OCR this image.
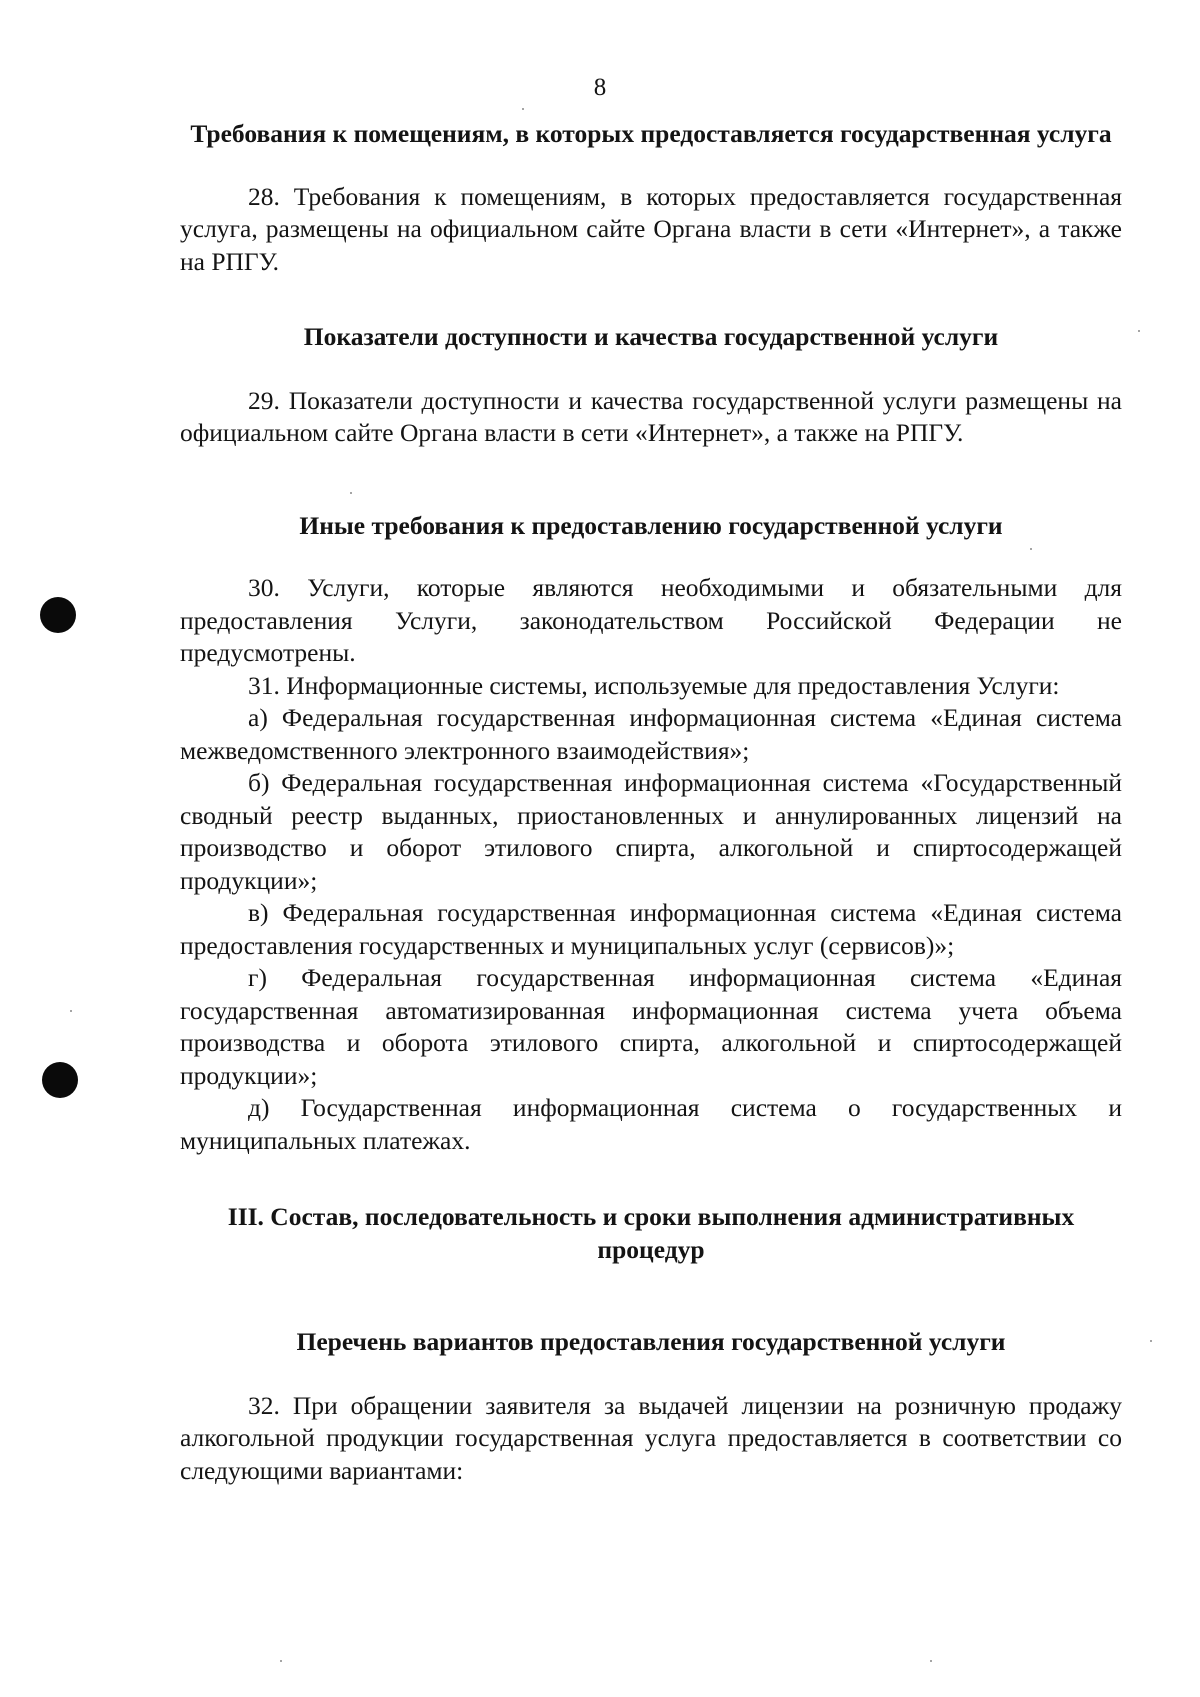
8

Требования к помещениям, в которых предоставляется государственная услуга

28. Требования к помещениям, в которых предоставляется государственная услуга, размещены на официальном сайте Органа власти в сети «Интернет», а также на РПГУ.

Показатели доступности и качества государственной услуги

29. Показатели доступности и качества государственной услуги размещены на официальном сайте Органа власти в сети «Интернет», а также на РПГУ.

Иные требования к предоставлению государственной услуги

30. Услуги, которые являются необходимыми и обязательными для предоставления Услуги, законодательством Российской Федерации не предусмотрены.

31. Информационные системы, используемые для предоставления Услуги:

а) Федеральная государственная информационная система «Единая система межведомственного электронного взаимодействия»;

б) Федеральная государственная информационная система «Государственный сводный реестр выданных, приостановленных и аннулированных лицензий на производство и оборот этилового спирта, алкогольной и спиртосодержащей продукции»;

в) Федеральная государственная информационная система «Единая система предоставления государственных и муниципальных услуг (сервисов)»;

г) Федеральная государственная информационная система «Единая государственная автоматизированная информационная система учета объема производства и оборота этилового спирта, алкогольной и спиртосодержащей продукции»;

д) Государственная информационная система о государственных и муниципальных платежах.

III. Состав, последовательность и сроки выполнения административных процедур

Перечень вариантов предоставления государственной услуги

32. При обращении заявителя за выдачей лицензии на розничную продажу алкогольной продукции государственная услуга предоставляется в соответствии со следующими вариантами:
